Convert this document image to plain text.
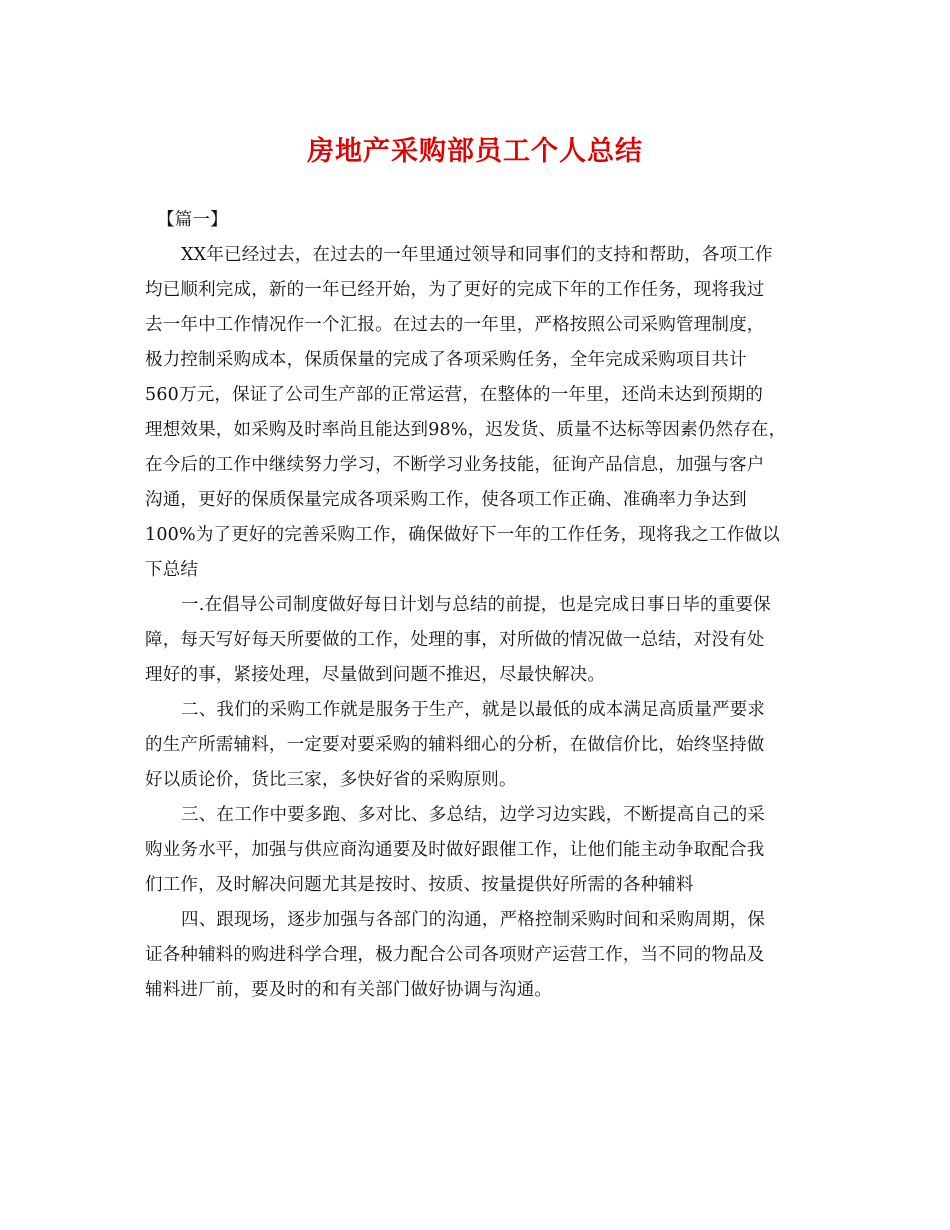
房地产采购部员工个人总结
【篇一】
XX年已经过去，在过去的一年里通过领导和同事们的支持和帮助，各项工作
均已顺利完成，新的一年已经开始，为了更好的完成下年的工作任务，现将我过
去一年中工作情况作一个汇报。在过去的一年里，严格按照公司采购管理制度，
极力控制采购成本，保质保量的完成了各项采购任务，全年完成采购项目共计
560万元，保证了公司生产部的正常运营，在整体的一年里，还尚未达到预期的
理想效果，如采购及时率尚且能达到98%，迟发货、质量不达标等因素仍然存在，
在今后的工作中继续努力学习，不断学习业务技能，征询产品信息，加强与客户
沟通，更好的保质保量完成各项采购工作，使各项工作正确、准确率力争达到
100%为了更好的完善采购工作，确保做好下一年的工作任务，现将我之工作做以
下总结
一.在倡导公司制度做好每日计划与总结的前提，也是完成日事日毕的重要保
障，每天写好每天所要做的工作，处理的事，对所做的情况做一总结，对没有处
理好的事，紧接处理，尽量做到问题不推迟，尽最快解决。
二、我们的采购工作就是服务于生产，就是以最低的成本满足高质量严要求
的生产所需辅料，一定要对要采购的辅料细心的分析，在做信价比，始终坚持做
好以质论价，货比三家，多快好省的采购原则。
三、在工作中要多跑、多对比、多总结，边学习边实践，不断提高自己的采
购业务水平，加强与供应商沟通要及时做好跟催工作，让他们能主动争取配合我
们工作，及时解决问题尤其是按时、按质、按量提供好所需的各种辅料
四、跟现场，逐步加强与各部门的沟通，严格控制采购时间和采购周期，保
证各种辅料的购进科学合理，极力配合公司各项财产运营工作，当不同的物品及
辅料进厂前，要及时的和有关部门做好协调与沟通。
